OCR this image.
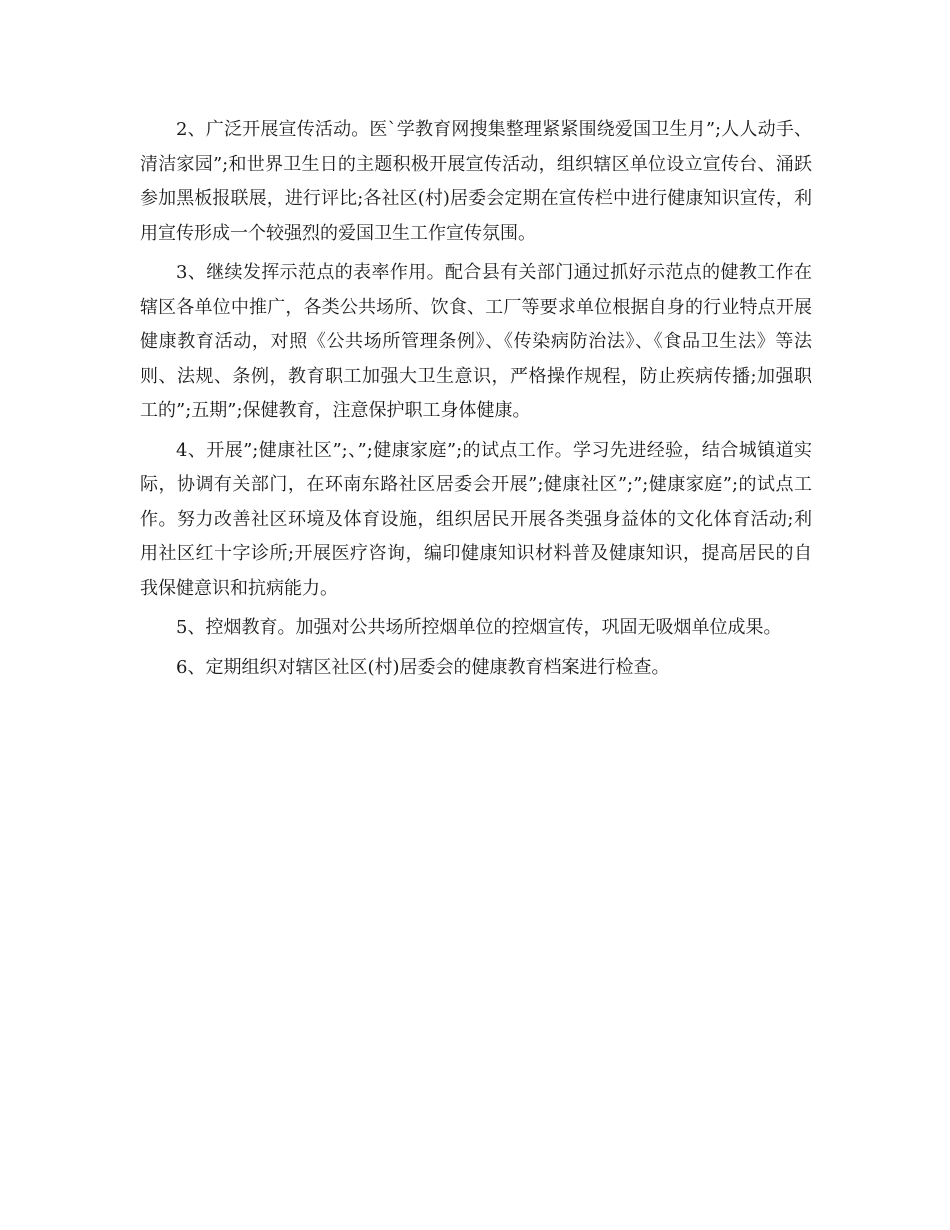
2、广泛开展宣传活动。医`学教育网搜集整理紧紧围绕爱国卫生月”;人人动手、清洁家园”;和世界卫生日的主题积极开展宣传活动，组织辖区单位设立宣传台、涌跃参加黑板报联展，进行评比;各社区(村)居委会定期在宣传栏中进行健康知识宣传，利用宣传形成一个较强烈的爱国卫生工作宣传氛围。

3、继续发挥示范点的表率作用。配合县有关部门通过抓好示范点的健教工作在辖区各单位中推广，各类公共场所、饮食、工厂等要求单位根据自身的行业特点开展健康教育活动，对照《公共场所管理条例》、《传染病防治法》、《食品卫生法》等法则、法规、条例，教育职工加强大卫生意识，严格操作规程，防止疾病传播;加强职工的”;五期”;保健教育，注意保护职工身体健康。

4、开展”;健康社区”;、”;健康家庭”;的试点工作。学习先进经验，结合城镇道实际，协调有关部门，在环南东路社区居委会开展”;健康社区”;”;健康家庭”;的试点工作。努力改善社区环境及体育设施，组织居民开展各类强身益体的文化体育活动;利用社区红十字诊所;开展医疗咨询，编印健康知识材料普及健康知识，提高居民的自我保健意识和抗病能力。

5、控烟教育。加强对公共场所控烟单位的控烟宣传，巩固无吸烟单位成果。

6、定期组织对辖区社区(村)居委会的健康教育档案进行检查。
